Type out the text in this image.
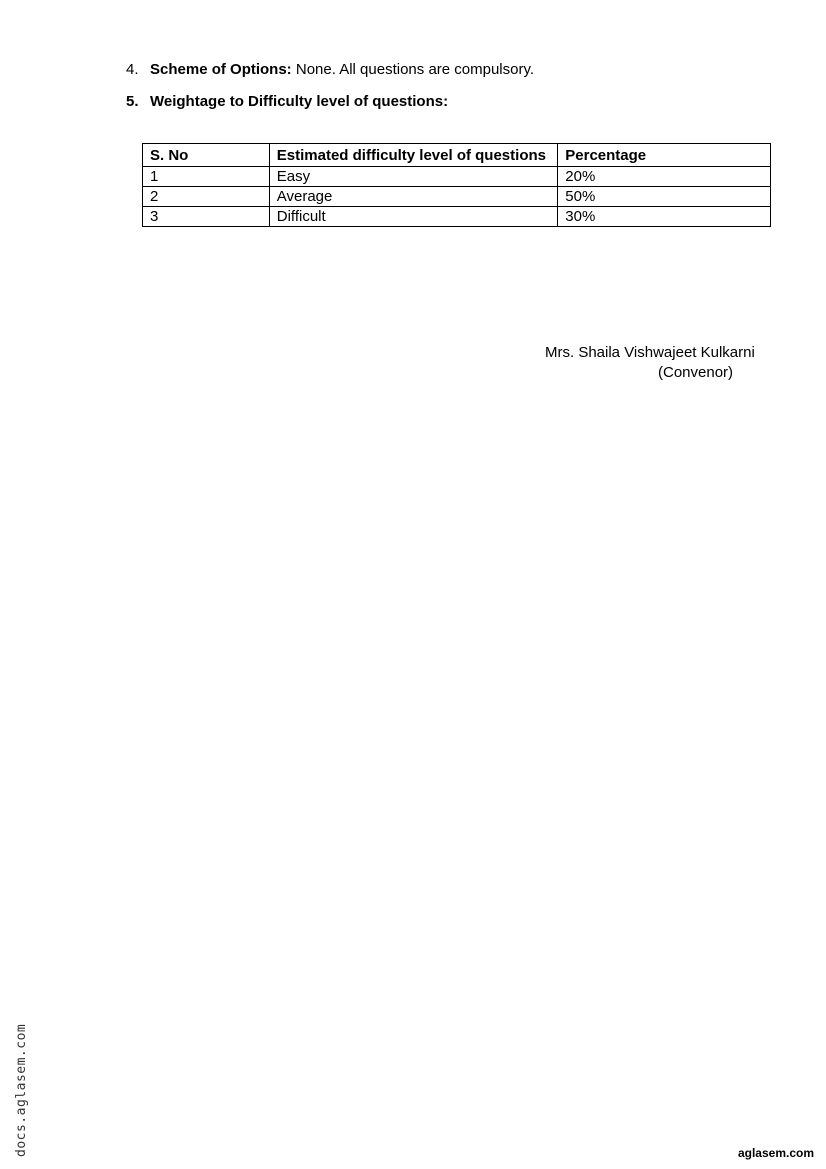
4. Scheme of Options: None. All questions are compulsory.
5. Weightage to Difficulty level of questions:
S. No	Estimated difficulty level of questions	Percentage
1	Easy	20%
2	Average	50%
3	Difficult	30%
Mrs. Shaila Vishwajeet Kulkarni
(Convenor)
docs.aglasem.com	aglasem.com
